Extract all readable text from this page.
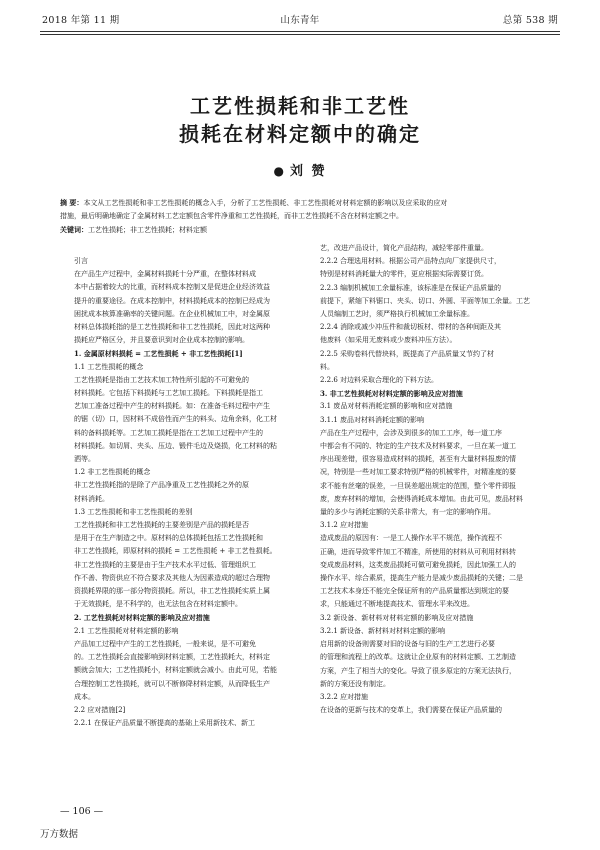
2018 年第 11 期	山东青年	总第 538 期
工艺性损耗和非工艺性
损耗在材料定额中的确定
● 刘 赞
摘 要：本文从工艺性损耗和非工艺性损耗的概念入手，分析了工艺性损耗、非工艺性损耗对材料定额的影响以及应采取的应对
措施，最后明确地确定了金属材料工艺定额包含零件净重和工艺性损耗，而非工艺性损耗不含在材料定额之中。
关键词：工艺性损耗；非工艺性损耗；材料定额
引言
在产品生产过程中，金属材料损耗十分严重，在整体材料成
本中占据着较大的比重，而材料成本控制又是促进企业经济效益
提升的重要途径。在成本控制中，材料损耗成本的控制已经成为
困扰成本核算准确率的关键问题。在企业机械加工中，对金属原
材料总体损耗指的是工艺性损耗和非工艺性损耗，因此对这两种
损耗应严格区分，并且要意识到对企业成本控制的影响。
1. 金属原材料损耗 = 工艺性损耗 + 非工艺性损耗[1]
1.1 工艺性损耗的概念
工艺性损耗是指由工艺技术加工特性所引起的不可避免的
材料损耗。它包括下料损耗与工艺加工损耗。下料损耗是指工
艺加工准备过程中产生的材料损耗。如：在准备毛料过程中产生
的锯（切）口，因材料不成倍性而产生的料头、边角余料，化工材
料的备料损耗等。工艺加工损耗是指在工艺加工过程中产生的
材料损耗。如切屑、夹头、压边、锻件毛边及烧损，化工材料的粘
洒等。
1.2 非工艺性损耗的概念
非工艺性损耗指的是除了产品净重及工艺性损耗之外的原
材料消耗。
1.3 工艺性损耗和非工艺性损耗的差别
工艺性损耗和非工艺性损耗的主要差别是产品的损耗是否
是用于在生产制造之中。原材料的总体损耗包括工艺性损耗和
非工艺性损耗，即原材料的损耗 = 工艺性损耗 + 非工艺性损耗。
非工艺性损耗的主要是由于生产技术水平过低、管理组织工
作不善、物资供应不符合要求及其他人为因素造成的超过合理物
资损耗界限的那一部分物资损耗。所以，非工艺性损耗实质上属
于无效损耗，是不科学的，也无法包含在材料定额中。
2. 工艺性损耗对材料定额的影响及应对措施
2.1 工艺性损耗对材料定额的影响
产品加工过程中产生的工艺性损耗，一般来说，是不可避免
的。工艺性损耗会直接影响到材料定额，工艺性损耗大，材料定
额就会加大；工艺性损耗小，材料定额就会减小。由此可见，若能
合理控制工艺性损耗，就可以不断修降材料定额，从而降低生产
成本。
2.2 应对措施[2]
2.2.1 在保证产品质量不断提高的基础上采用新技术、新工
艺，改进产品设计，简化产品结构，减轻零部件重量。
2.2.2 合理选用材料。根据公司产品特点向厂家提供尺寸，
特别是材料消耗量大的零件，更应根据实际需要订货。
2.2.3 编制机械加工余量标准，该标准是在保证产品质量的
前提下，紧缩下料锯口、夹头、切口、外圆、平面等加工余量。工艺
人员编制工艺时，须严格执行机械加工余量标准。
2.2.4 消除或减少冲压件和裁切板材、带材的各种间距及其
他废料（如采用无废料或少废料冲压方法）。
2.2.5 采购卷料代替块料，既提高了产品质量又节约了材
料。
2.2.6 对边料采取合理化的下料方法。
3. 非工艺性损耗对材料定额的影响及应对措施
3.1 废品对材料消耗定额的影响和应对措施
3.1.1 废品对材料消耗定额的影响
产品在生产过程中，会涉及到很多的加工工序，每一道工序
中都会有不同的、特定的生产技术及材料要求，一旦在某一道工
序出现差错，很容易造成材料的损耗，甚至有大量材料报废的情
况，特别是一些对加工要求特别严格的机械零件，对精准度的要
求不能有丝毫的误差，一旦误差超出规定的范围，整个零件即报
废，废弃材料的增加，会使得消耗成本增加。由此可见，废品材料
量的多少与消耗定额的关系非常大，有一定的影响作用。
3.1.2 应对措施
造成废品的原因有：一是工人操作水平不规范，操作流程不
正确，进而导致零件加工不精准，所使用的材料从可利用材料转
变成废品材料，这类废品损耗可做可避免损耗，因此加强工人的
操作水平、综合素质，提高生产能力是减少废品损耗的关键；二是
工艺技术本身还不能完全保证所有的产品质量都达到规定的要
求，只能通过不断地提高技术、管理水平来改进。
3.2 新设备、新材料对材料定额的影响及应对措施
3.2.1 新设备、新材料对材料定额的影响
启用新的设备则需要对旧的设备与旧的生产工艺进行必要
的管理和流程上的改革。这就让企业原有的材料定额、工艺制造
方案，产生了相当大的变化。导致了很多原定的方案无法执行，
新的方案还没有制定。
3.2.2 应对措施
在设备的更新与技术的变革上，我们需要在保证产品质量的
— 106 —
万方数据
